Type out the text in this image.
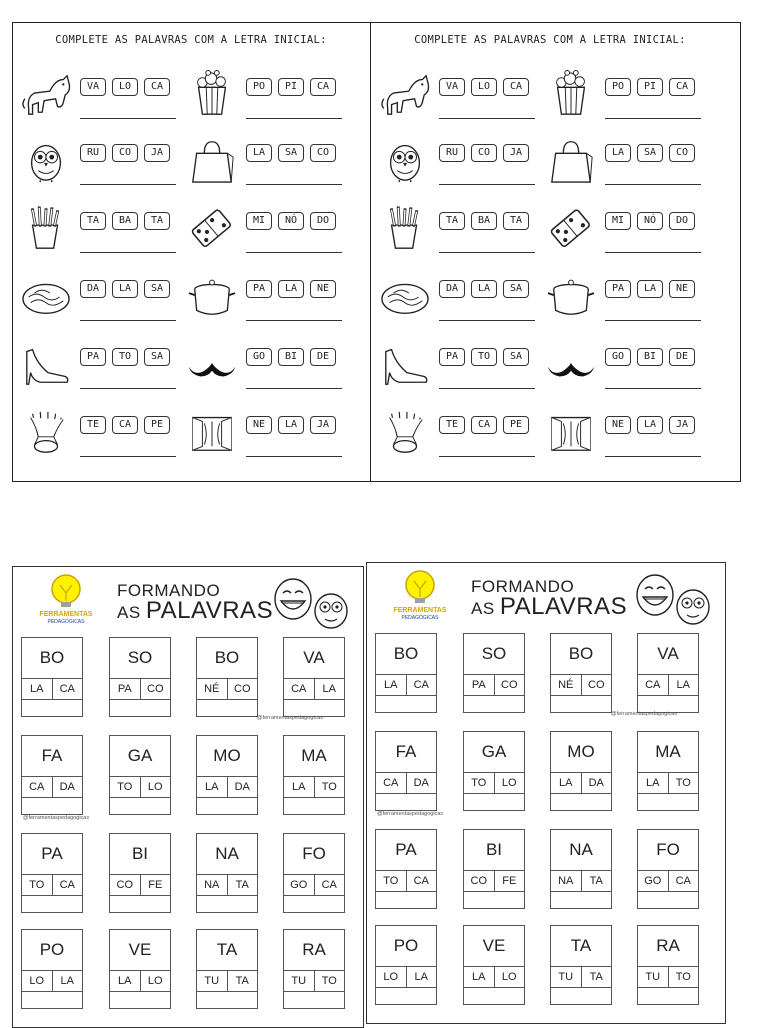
COMPLETE AS PALAVRAS COM A LETRA INICIAL:
VA	LO	CA	PO	PI	CA
RU	CO	JA	LA	SA	CO
TA	BA	TA	MI	NÓ	DO
DA	LA	SA	PA	LA	NE
PA	TO	SA	GO	BI	DE
TE	CA	PE	NE	LA	JA
COMPLETE AS PALAVRAS COM A LETRA INICIAL:
VA	LO	CA	PO	PI	CA
RU	CO	JA	LA	SA	CO
TA	BA	TA	MI	NÓ	DO
DA	LA	SA	PA	LA	NE
PA	TO	SA	GO	BI	DE
TE	CA	PE	NE	LA	JA
FERRAMENTAS
PEDAGÓGICAS
FORMANDO
AS PALAVRAS
BO
LA	CA
SO
PA	CO
BO
NÉ	CO
VA
CA	LA
FA
CA	DA
GA
TO	LO
MO
LA	DA
MA
LA	TO
PA
TO	CA
BI
CO	FE
NA
NA	TA
FO
GO	CA
PO
LO	LA
VE
LA	LO
TA
TU	TA
RA
TU	TO
@ferramentaspedagogicas
@ferramentaspedagogicas
FERRAMENTAS
PEDAGÓGICAS
FORMANDO
AS PALAVRAS
BO
LA	CA
SO
PA	CO
BO
NÉ	CO
VA
CA	LA
FA
CA	DA
GA
TO	LO
MO
LA	DA
MA
LA	TO
PA
TO	CA
BI
CO	FE
NA
NA	TA
FO
GO	CA
PO
LO	LA
VE
LA	LO
TA
TU	TA
RA
TU	TO
@ferramentaspedagogicas
@ferramentaspedagogicas
